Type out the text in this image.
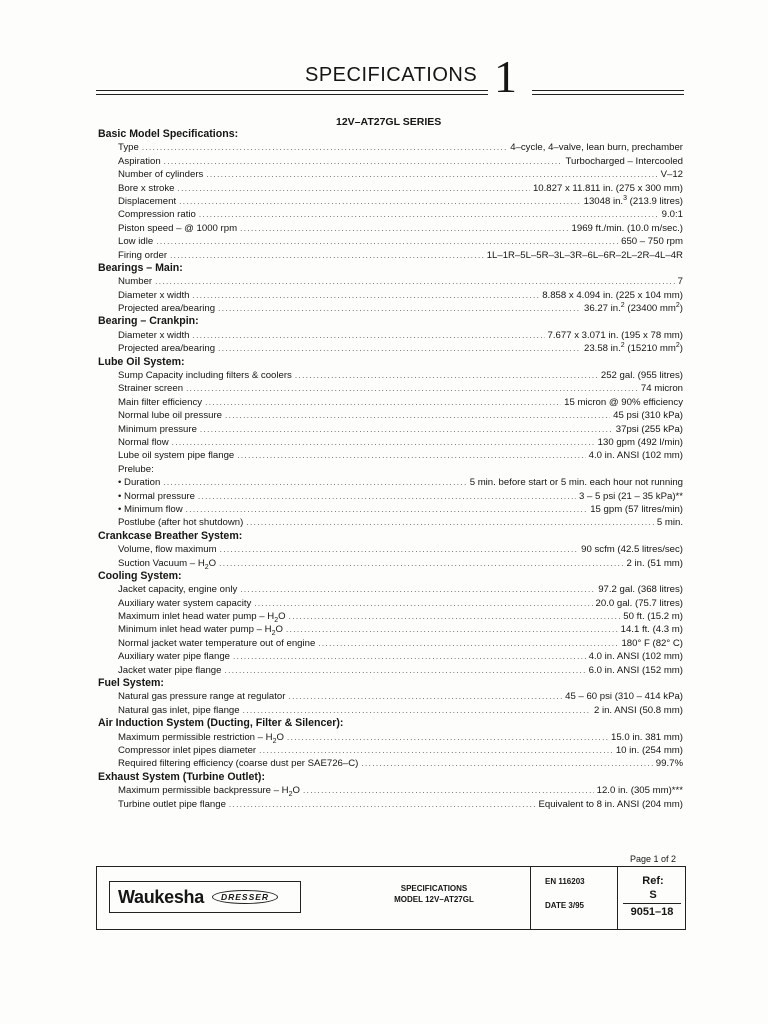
SPECIFICATIONS 1
12V–AT27GL SERIES
Basic Model Specifications:
Type .....	4–cycle, 4–valve, lean burn, prechamber
Aspiration .....	Turbocharged – Intercooled
Number of cylinders .....	V–12
Bore x stroke .....	10.827 x 11.811 in. (275 x 300 mm)
Displacement .....	13048 in.$^3$ (213.9 litres)
Compression ratio .....	9.0:1
Piston speed – @ 1000 rpm .....	1969 ft./min. (10.0 m/sec.)
Low idle .....	650 – 750 rpm
Firing order .....	1L–1R–5L–5R–3L–3R–6L–6R–2L–2R–4L–4R
Bearings – Main:
Number .....	7
Diameter x width .....	8.858 x 4.094 in. (225 x 104 mm)
Projected area/bearing .....	36.27 in.$^2$ (23400 $mm^2$)
Bearing – Crankpin:
Diameter x width .....	7.677 x 3.071 in. (195 x 78 mm)
Projected area/bearing .....	23.58 in.$^2$ (15210 $mm^2$)
Lube Oil System:
Sump Capacity including filters & coolers .....	252 gal. (955 litres)
Strainer screen .....	74 micron
Main filter efficiency .....	15 micron @ 90% efficiency
Normal lube oil pressure .....	45 psi (310 kPa)
Minimum pressure .....	37psi (255 kPa)
Normal flow .....	130 gpm (492 l/min)
Lube oil system pipe flange .....	4.0 in. ANSI (102 mm)
Prelube:
• Duration .....	5 min. before start or 5 min. each hour not running
• Normal pressure .....	3 – 5 psi (21 – 35 kPa)**
• Minimum flow .....	15 gpm (57 litres/min)
Postlube (after hot shutdown) .....	5 min.
Crankcase Breather System:
Volume, flow maximum .....	90 scfm (42.5 litres/sec)
Suction Vacuum – $H_2O$ .....	2 in. (51 mm)
Cooling System:
Jacket capacity, engine only .....	97.2 gal. (368 litres)
Auxiliary water system capacity .....	20.0 gal. (75.7 litres)
Maximum inlet head water pump – $H_2O$ .....	50 ft. (15.2 m)
Minimum inlet head water pump – $H_2O$ .....	14.1 ft. (4.3 m)
Normal jacket water temperature out of engine .....	180° F (82° C)
Auxiliary water pipe flange .....	4.0 in. ANSI (102 mm)
Jacket water pipe flange .....	6.0 in. ANSI (152 mm)
Fuel System:
Natural gas pressure range at regulator .....	45 – 60 psi (310 – 414 kPa)
Natural gas inlet, pipe flange .....	2 in. ANSI (50.8 mm)
Air Induction System (Ducting, Filter & Silencer):
Maximum permissible restriction – $H_2O$ .....	15.0 in. 381 mm)
Compressor inlet pipes diameter .....	10 in. (254 mm)
Required filtering efficiency (coarse dust per SAE726–C) .....	99.7%
Exhaust System (Turbine Outlet):
Maximum permissible backpressure – $H_2O$ .....	12.0 in. (305 mm)***
Turbine outlet pipe flange .....	Equivalent to 8 in. ANSI (204 mm)
Page 1 of 2
Waukesha	DRESSER
SPECIFICATIONS
MODEL 12V–AT27GL
EN 116203
DATE 3/95
Ref:
S
9051–18
